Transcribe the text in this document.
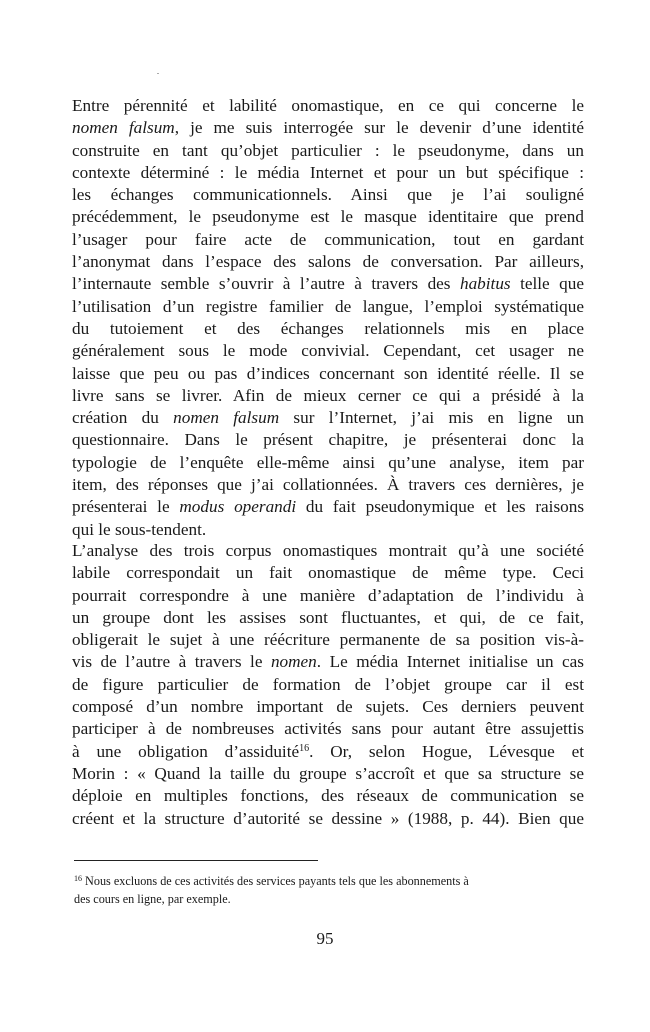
Entre pérennité et labilité onomastique, en ce qui concerne le
nomen falsum, je me suis interrogée sur le devenir d’une identité
construite en tant qu’objet particulier : le pseudonyme, dans un
contexte déterminé : le média Internet et pour un but spécifique :
les échanges communicationnels. Ainsi que je l’ai souligné
précédemment, le pseudonyme est le masque identitaire que prend
l’usager pour faire acte de communication, tout en gardant
l’anonymat dans l’espace des salons de conversation. Par ailleurs,
l’internaute semble s’ouvrir à l’autre à travers des habitus telle que
l’utilisation d’un registre familier de langue, l’emploi systématique
du tutoiement et des échanges relationnels mis en place
généralement sous le mode convivial. Cependant, cet usager ne
laisse que peu ou pas d’indices concernant son identité réelle. Il se
livre sans se livrer. Afin de mieux cerner ce qui a présidé à la
création du nomen falsum sur l’Internet, j’ai mis en ligne un
questionnaire. Dans le présent chapitre, je présenterai donc la
typologie de l’enquête elle-même ainsi qu’une analyse, item par
item, des réponses que j’ai collationnées. À travers ces dernières, je
présenterai le modus operandi du fait pseudonymique et les raisons
qui le sous-tendent.
L’analyse des trois corpus onomastiques montrait qu’à une société
labile correspondait un fait onomastique de même type. Ceci
pourrait correspondre à une manière d’adaptation de l’individu à
un groupe dont les assises sont fluctuantes, et qui, de ce fait,
obligerait le sujet à une réécriture permanente de sa position vis-à-
vis de l’autre à travers le nomen. Le média Internet initialise un cas
de figure particulier de formation de l’objet groupe car il est
composé d’un nombre important de sujets. Ces derniers peuvent
participer à de nombreuses activités sans pour autant être assujettis
à une obligation d’assiduité$^{16}$. Or, selon Hogue, Lévesque et
Morin : « Quand la taille du groupe s’accroît et que sa structure se
déploie en multiples fonctions, des réseaux de communication se
créent et la structure d’autorité se dessine » (1988, p. 44). Bien que
$^{16}$ Nous excluons de ces activités des services payants tels que les abonnements à
des cours en ligne, par exemple.
95
